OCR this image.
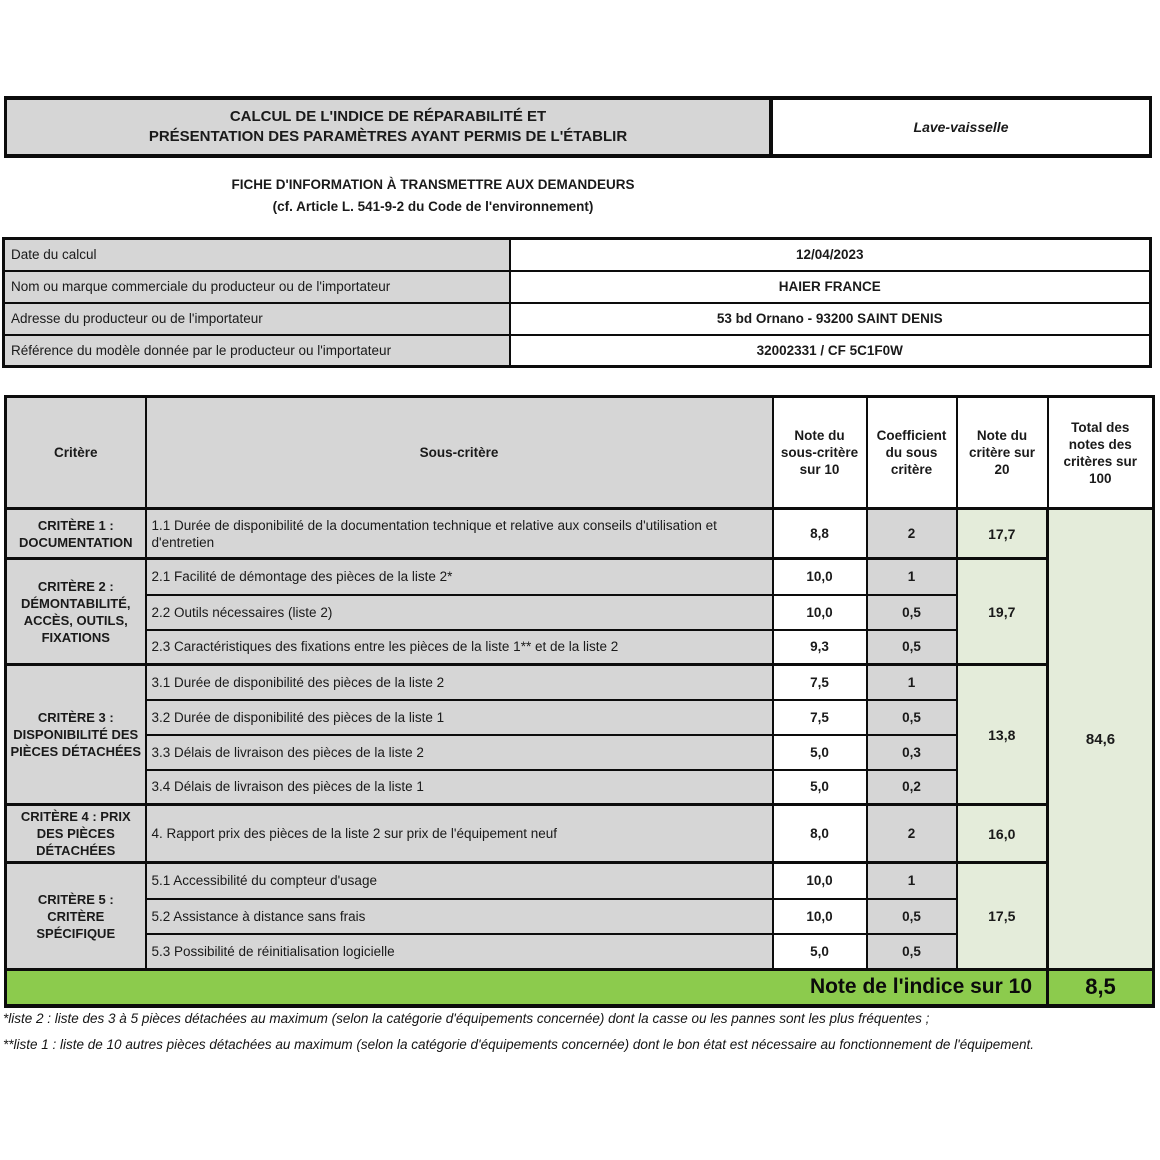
CALCUL DE L'INDICE DE RÉPARABILITÉ ET
PRÉSENTATION DES PARAMÈTRES AYANT PERMIS DE L'ÉTABLIR
Lave-vaisselle
FICHE D'INFORMATION À TRANSMETTRE AUX DEMANDEURS
(cf. Article L. 541-9-2 du Code de l'environnement)
Date du calcul	12/04/2023
Nom ou marque commerciale du producteur ou de l'importateur	HAIER FRANCE
Adresse du producteur ou de l'importateur	53 bd Ornano - 93200 SAINT DENIS
Référence du modèle donnée par le producteur ou l'importateur	32002331 / CF 5C1F0W
Critère	Sous-critère	Note du sous-critère sur 10	Coefficient du sous critère	Note du critère sur 20	Total des notes des critères sur 100
CRITÈRE 1 : DOCUMENTATION	1.1 Durée de disponibilité de la documentation technique et relative aux conseils d'utilisation et d'entretien	8,8	2	17,7	84,6
CRITÈRE 2 : DÉMONTABILITÉ, ACCÈS, OUTILS, FIXATIONS	2.1 Facilité de démontage des pièces de la liste 2*	10,0	1	19,7	
	2.2 Outils nécessaires (liste 2)	10,0	0,5		
	2.3 Caractéristiques des fixations entre les pièces de la liste 1** et de la liste 2	9,3	0,5		
CRITÈRE 3 : DISPONIBILITÉ DES PIÈCES DÉTACHÉES	3.1 Durée de disponibilité des pièces de la liste 2	7,5	1	13,8	
	3.2 Durée de disponibilité des pièces de la liste 1	7,5	0,5		
	3.3 Délais de livraison des pièces de la liste 2	5,0	0,3		
	3.4 Délais de livraison des pièces de la liste 1	5,0	0,2		
CRITÈRE 4 : PRIX DES PIÈCES DÉTACHÉES	4. Rapport prix des pièces de la liste 2 sur prix de l'équipement neuf	8,0	2	16,0	
CRITÈRE 5 : CRITÈRE SPÉCIFIQUE	5.1 Accessibilité du compteur d'usage	10,0	1	17,5	
	5.2 Assistance à distance sans frais	10,0	0,5		
	5.3 Possibilité de réinitialisation logicielle	5,0	0,5		
Note de l'indice sur 10					8,5
*liste 2 : liste des 3 à 5 pièces détachées au maximum (selon la catégorie d'équipements concernée) dont la casse ou les pannes sont les plus fréquentes ;
**liste 1 : liste de 10 autres pièces détachées au maximum (selon la catégorie d'équipements concernée) dont le bon état est nécessaire au fonctionnement de l'équipement.
